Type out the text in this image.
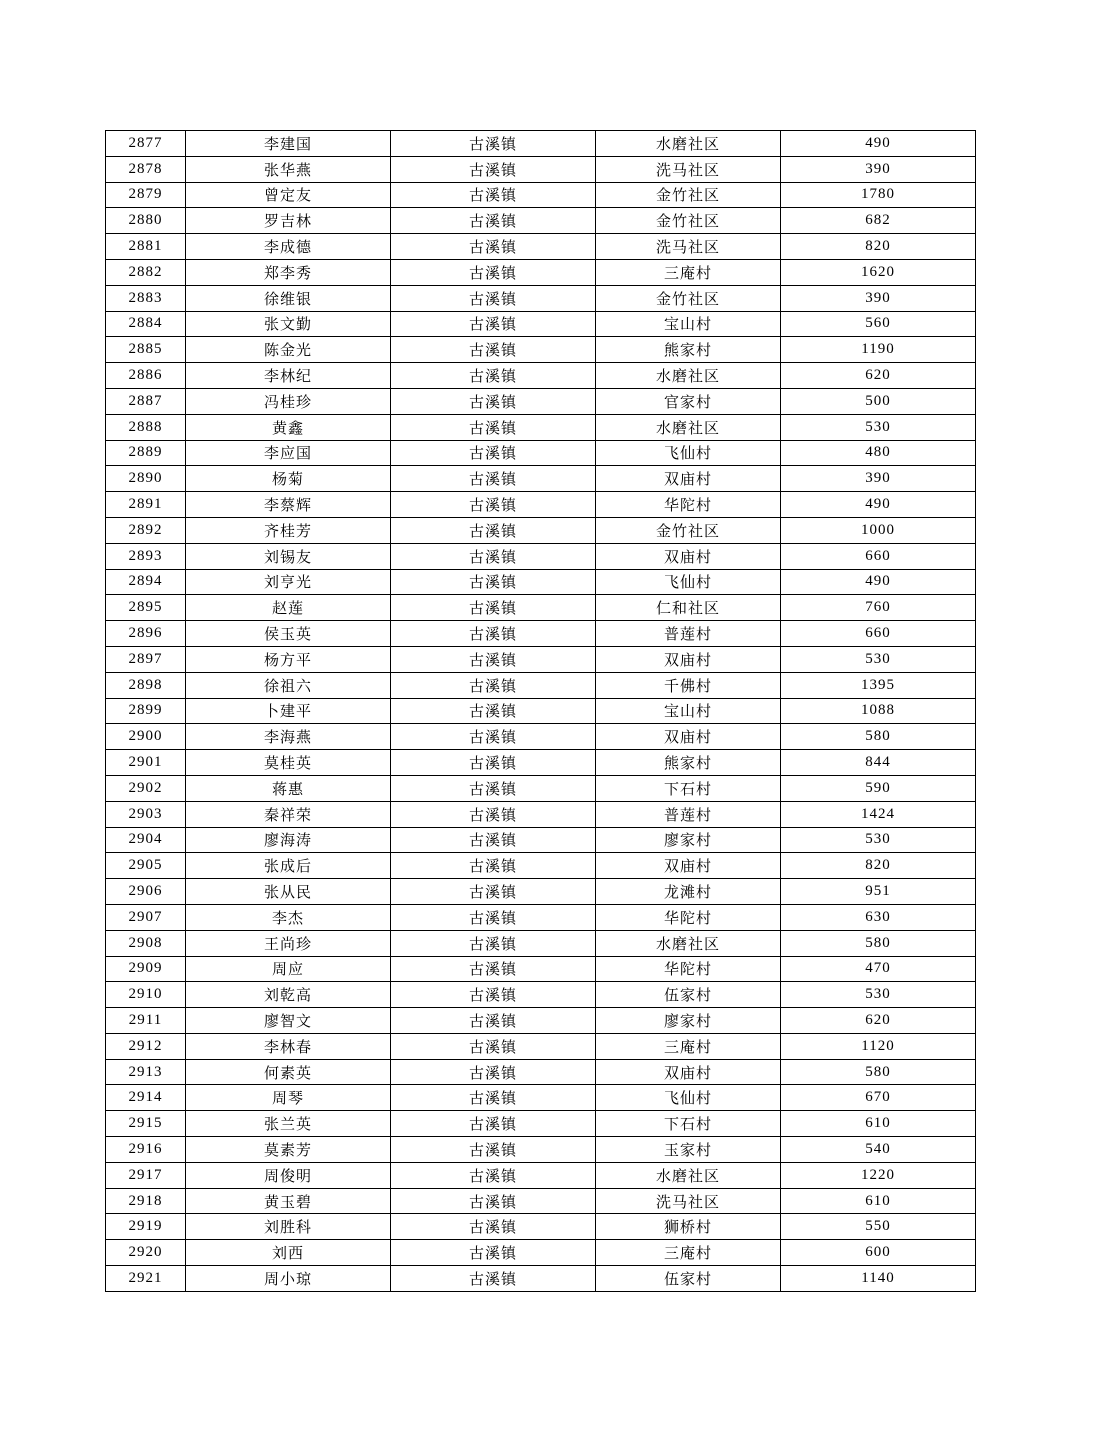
2877	李建国	古溪镇	水磨社区	490
2878	张华燕	古溪镇	洗马社区	390
2879	曾定友	古溪镇	金竹社区	1780
2880	罗吉林	古溪镇	金竹社区	682
2881	李成德	古溪镇	洗马社区	820
2882	郑李秀	古溪镇	三庵村	1620
2883	徐维银	古溪镇	金竹社区	390
2884	张文勤	古溪镇	宝山村	560
2885	陈金光	古溪镇	熊家村	1190
2886	李林纪	古溪镇	水磨社区	620
2887	冯桂珍	古溪镇	官家村	500
2888	黄鑫	古溪镇	水磨社区	530
2889	李应国	古溪镇	飞仙村	480
2890	杨菊	古溪镇	双庙村	390
2891	李蔡辉	古溪镇	华陀村	490
2892	齐桂芳	古溪镇	金竹社区	1000
2893	刘锡友	古溪镇	双庙村	660
2894	刘亨光	古溪镇	飞仙村	490
2895	赵莲	古溪镇	仁和社区	760
2896	侯玉英	古溪镇	普莲村	660
2897	杨方平	古溪镇	双庙村	530
2898	徐祖六	古溪镇	千佛村	1395
2899	卜建平	古溪镇	宝山村	1088
2900	李海燕	古溪镇	双庙村	580
2901	莫桂英	古溪镇	熊家村	844
2902	蒋惠	古溪镇	下石村	590
2903	秦祥荣	古溪镇	普莲村	1424
2904	廖海涛	古溪镇	廖家村	530
2905	张成后	古溪镇	双庙村	820
2906	张从民	古溪镇	龙滩村	951
2907	李杰	古溪镇	华陀村	630
2908	王尚珍	古溪镇	水磨社区	580
2909	周应	古溪镇	华陀村	470
2910	刘乾高	古溪镇	伍家村	530
2911	廖智文	古溪镇	廖家村	620
2912	李林春	古溪镇	三庵村	1120
2913	何素英	古溪镇	双庙村	580
2914	周琴	古溪镇	飞仙村	670
2915	张兰英	古溪镇	下石村	610
2916	莫素芳	古溪镇	玉家村	540
2917	周俊明	古溪镇	水磨社区	1220
2918	黄玉碧	古溪镇	洗马社区	610
2919	刘胜科	古溪镇	狮桥村	550
2920	刘西	古溪镇	三庵村	600
2921	周小琼	古溪镇	伍家村	1140
